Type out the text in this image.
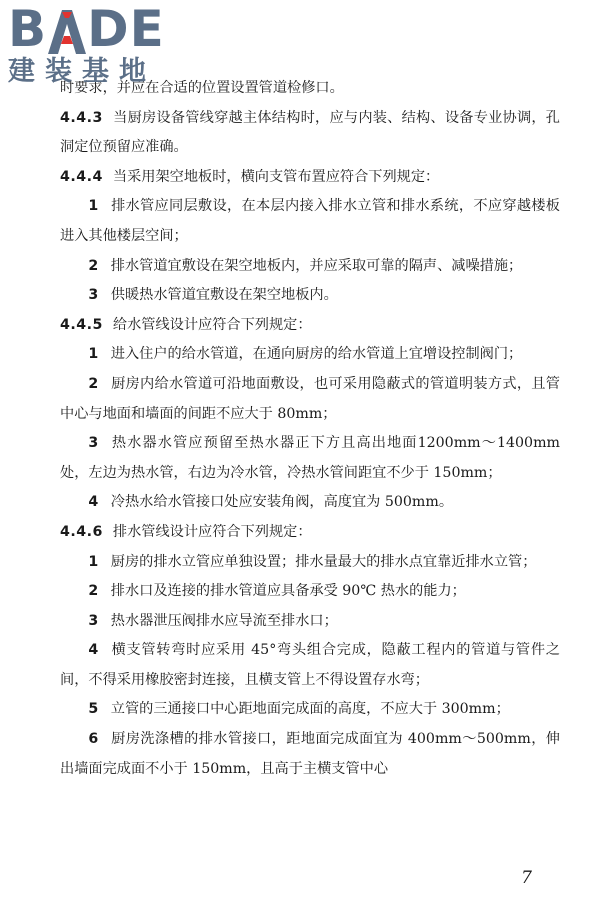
B D E
建装基地

时要求，并应在合适的位置设置管道检修口。

4.4.3 当厨房设备管线穿越主体结构时，应与内装、结构、设备专业协调，孔洞定位预留应准确。

4.4.4 当采用架空地板时，横向支管布置应符合下列规定：

1 排水管应同层敷设，在本层内接入排水立管和排水系统，不应穿越楼板进入其他楼层空间；

2 排水管道宜敷设在架空地板内，并应采取可靠的隔声、减噪措施；

3 供暖热水管道宜敷设在架空地板内。

4.4.5 给水管线设计应符合下列规定：

1 进入住户的给水管道，在通向厨房的给水管道上宜增设控制阀门；

2 厨房内给水管道可沿地面敷设，也可采用隐蔽式的管道明装方式，且管中心与地面和墙面的间距不应大于 80mm；

3 热水器水管应预留至热水器正下方且高出地面1200mm～1400mm 处，左边为热水管，右边为冷水管，冷热水管间距宜不少于 150mm；

4 冷热水给水管接口处应安装角阀，高度宜为 500mm。

4.4.6 排水管线设计应符合下列规定：

1 厨房的排水立管应单独设置；排水量最大的排水点宜靠近排水立管；

2 排水口及连接的排水管道应具备承受 90℃ 热水的能力；

3 热水器泄压阀排水应导流至排水口；

4 横支管转弯时应采用 45°弯头组合完成，隐蔽工程内的管道与管件之间，不得采用橡胶密封连接，且横支管上不得设置存水弯；

5 立管的三通接口中心距地面完成面的高度，不应大于 300mm；

6 厨房洗涤槽的排水管接口，距地面完成面宜为 400mm～500mm，伸出墙面完成面不小于 150mm，且高于主横支管中心

7
